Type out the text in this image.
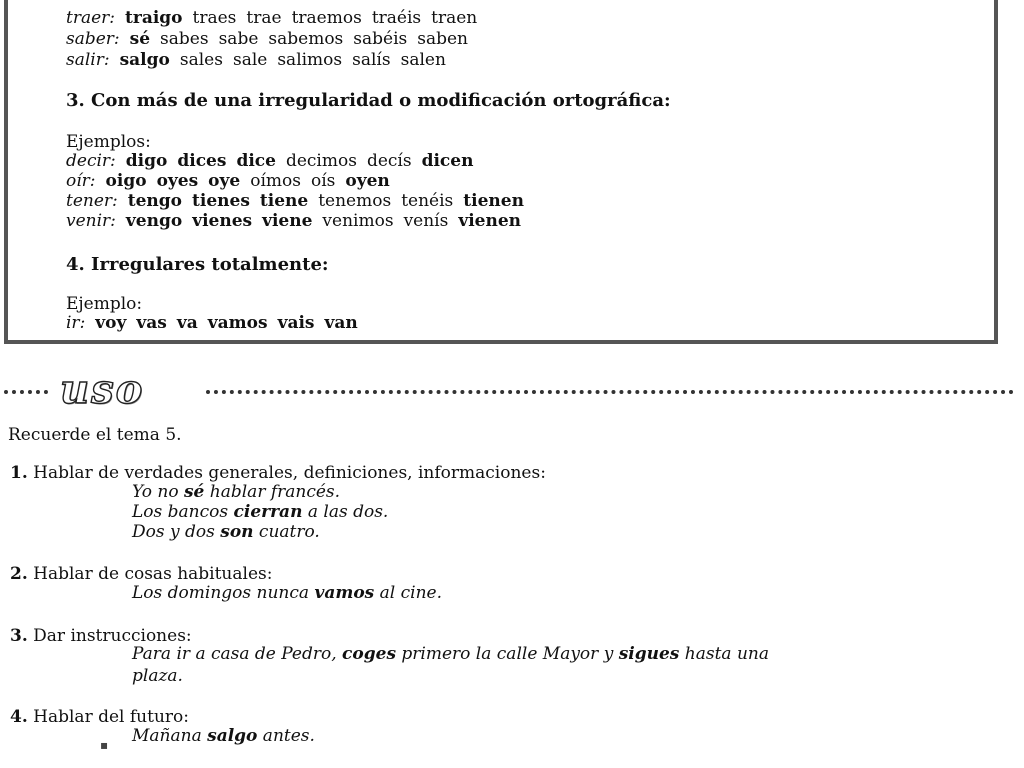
traer: traigo traes trae traemos traéis traen
saber: sé sabes sabe sabemos sabéis saben
salir: salgo sales sale salimos salís salen
3. Con más de una irregularidad o modificación ortográfica:
Ejemplos:
decir: digo dices dice decimos decís dicen
oír: oigo oyes oye oímos oís oyen
tener: tengo tienes tiene tenemos tenéis tienen
venir: vengo vienes viene venimos venís vienen
4. Irregulares totalmente:
Ejemplo:
ir: voy vas va vamos vais van
uso
Recuerde el tema 5.
1. Hablar de verdades generales, definiciones, informaciones:
Yo no sé hablar francés.
Los bancos cierran a las dos.
Dos y dos son cuatro.
2. Hablar de cosas habituales:
Los domingos nunca vamos al cine.
3. Dar instrucciones:
Para ir a casa de Pedro, coges primero la calle Mayor y sigues hasta una
plaza.
4. Hablar del futuro:
Mañana salgo antes.
▪
